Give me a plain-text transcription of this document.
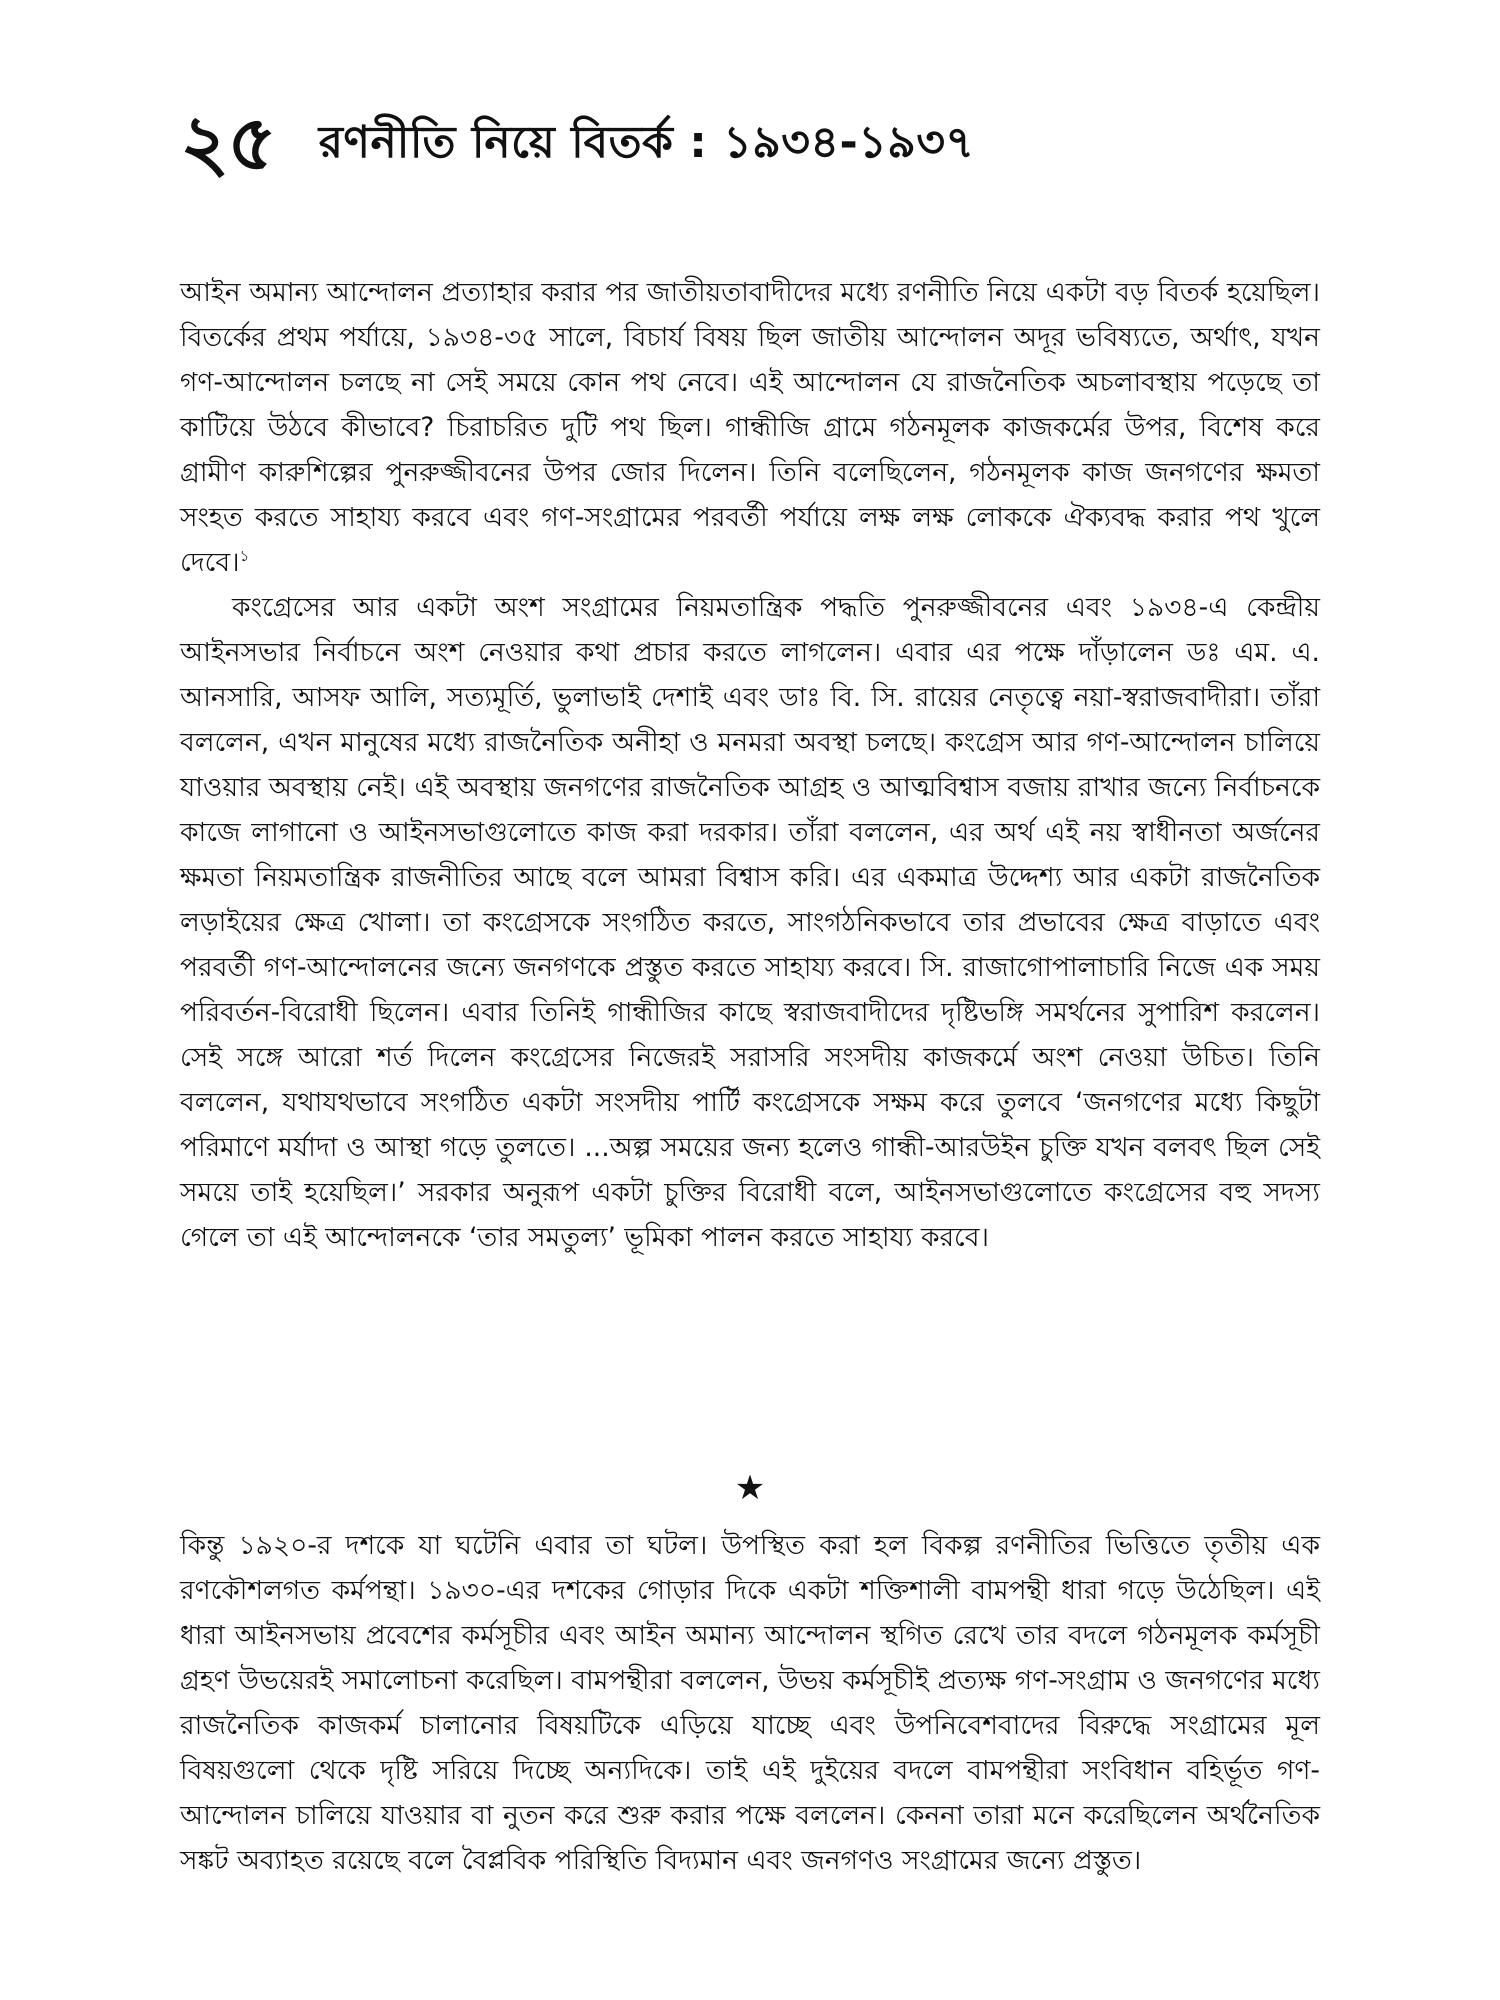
২৫ রণনীতি নিয়ে বিতর্ক : ১৯৩৪-১৯৩৭

আইন অমান্য আন্দোলন প্রত্যাহার করার পর জাতীয়তাবাদীদের মধ্যে রণনীতি নিয়ে একটা বড় বিতর্ক হয়েছিল। বিতর্কের প্রথম পর্যায়ে, ১৯৩৪-৩৫ সালে, বিচার্য বিষয় ছিল জাতীয় আন্দোলন অদূর ভবিষ্যতে, অর্থাৎ, যখন গণ-আন্দোলন চলছে না সেই সময়ে কোন পথ নেবে। এই আন্দোলন যে রাজনৈতিক অচলাবস্থায় পড়েছে তা কাটিয়ে উঠবে কীভাবে? চিরাচরিত দুটি পথ ছিল। গান্ধীজি গ্রামে গঠনমূলক কাজকর্মের উপর, বিশেষ করে গ্রামীণ কারুশিল্পের পুনরুজ্জীবনের উপর জোর দিলেন। তিনি বলেছিলেন, গঠনমূলক কাজ জনগণের ক্ষমতা সংহত করতে সাহায্য করবে এবং গণ-সংগ্রামের পরবর্তী পর্যায়ে লক্ষ লক্ষ লোককে ঐক্যবদ্ধ করার পথ খুলে দেবে।$^১$

কংগ্রেসের আর একটা অংশ সংগ্রামের নিয়মতান্ত্রিক পদ্ধতি পুনরুজ্জীবনের এবং ১৯৩৪-এ কেন্দ্রীয় আইনসভার নির্বাচনে অংশ নেওয়ার কথা প্রচার করতে লাগলেন। এবার এর পক্ষে দাঁড়ালেন ডঃ এম. এ. আনসারি, আসফ আলি, সত্যমূর্তি, ভুলাভাই দেশাই এবং ডাঃ বি. সি. রায়ের নেতৃত্বে নয়া-স্বরাজবাদীরা। তাঁরা বললেন, এখন মানুষের মধ্যে রাজনৈতিক অনীহা ও মনমরা অবস্থা চলছে। কংগ্রেস আর গণ-আন্দোলন চালিয়ে যাওয়ার অবস্থায় নেই। এই অবস্থায় জনগণের রাজনৈতিক আগ্রহ ও আত্মবিশ্বাস বজায় রাখার জন্যে নির্বাচনকে কাজে লাগানো ও আইনসভাগুলোতে কাজ করা দরকার। তাঁরা বললেন, এর অর্থ এই নয় স্বাধীনতা অর্জনের ক্ষমতা নিয়মতান্ত্রিক রাজনীতির আছে বলে আমরা বিশ্বাস করি। এর একমাত্র উদ্দেশ্য আর একটা রাজনৈতিক লড়াইয়ের ক্ষেত্র খোলা। তা কংগ্রেসকে সংগঠিত করতে, সাংগঠনিকভাবে তার প্রভাবের ক্ষেত্র বাড়াতে এবং পরবর্তী গণ-আন্দোলনের জন্যে জনগণকে প্রস্তুত করতে সাহায্য করবে। সি. রাজাগোপালাচারি নিজে এক সময় পরিবর্তন-বিরোধী ছিলেন। এবার তিনিই গান্ধীজির কাছে স্বরাজবাদীদের দৃষ্টিভঙ্গি সমর্থনের সুপারিশ করলেন। সেই সঙ্গে আরো শর্ত দিলেন কংগ্রেসের নিজেরই সরাসরি সংসদীয় কাজকর্মে অংশ নেওয়া উচিত। তিনি বললেন, যথাযথভাবে সংগঠিত একটা সংসদীয় পার্টি কংগ্রেসকে সক্ষম করে তুলবে ‘জনগণের মধ্যে কিছুটা পরিমাণে মর্যাদা ও আস্থা গড়ে তুলতে। ...অল্প সময়ের জন্য হলেও গান্ধী-আরউইন চুক্তি যখন বলবৎ ছিল সেই সময়ে তাই হয়েছিল।’ সরকার অনুরূপ একটা চুক্তির বিরোধী বলে, আইনসভাগুলোতে কংগ্রেসের বহু সদস্য গেলে তা এই আন্দোলনকে ‘তার সমতুল্য’ ভূমিকা পালন করতে সাহায্য করবে।

★

কিন্তু ১৯২০-র দশকে যা ঘটেনি এবার তা ঘটল। উপস্থিত করা হল বিকল্প রণনীতির ভিত্তিতে তৃতীয় এক রণকৌশলগত কর্মপন্থা। ১৯৩০-এর দশকের গোড়ার দিকে একটা শক্তিশালী বামপন্থী ধারা গড়ে উঠেছিল। এই ধারা আইনসভায় প্রবেশের কর্মসূচীর এবং আইন অমান্য আন্দোলন স্থগিত রেখে তার বদলে গঠনমূলক কর্মসূচী গ্রহণ উভয়েরই সমালোচনা করেছিল। বামপন্থীরা বললেন, উভয় কর্মসূচীই প্রত্যক্ষ গণ-সংগ্রাম ও জনগণের মধ্যে রাজনৈতিক কাজকর্ম চালানোর বিষয়টিকে এড়িয়ে যাচ্ছে এবং উপনিবেশবাদের বিরুদ্ধে সংগ্রামের মূল বিষয়গুলো থেকে দৃষ্টি সরিয়ে দিচ্ছে অন্যদিকে। তাই এই দুইয়ের বদলে বামপন্থীরা সংবিধান বহির্ভূত গণ-আন্দোলন চালিয়ে যাওয়ার বা নুতন করে শুরু করার পক্ষে বললেন। কেননা তারা মনে করেছিলেন অর্থনৈতিক সঙ্কট অব্যাহত রয়েছে বলে বৈপ্লবিক পরিস্থিতি বিদ্যমান এবং জনগণও সংগ্রামের জন্যে প্রস্তুত।
